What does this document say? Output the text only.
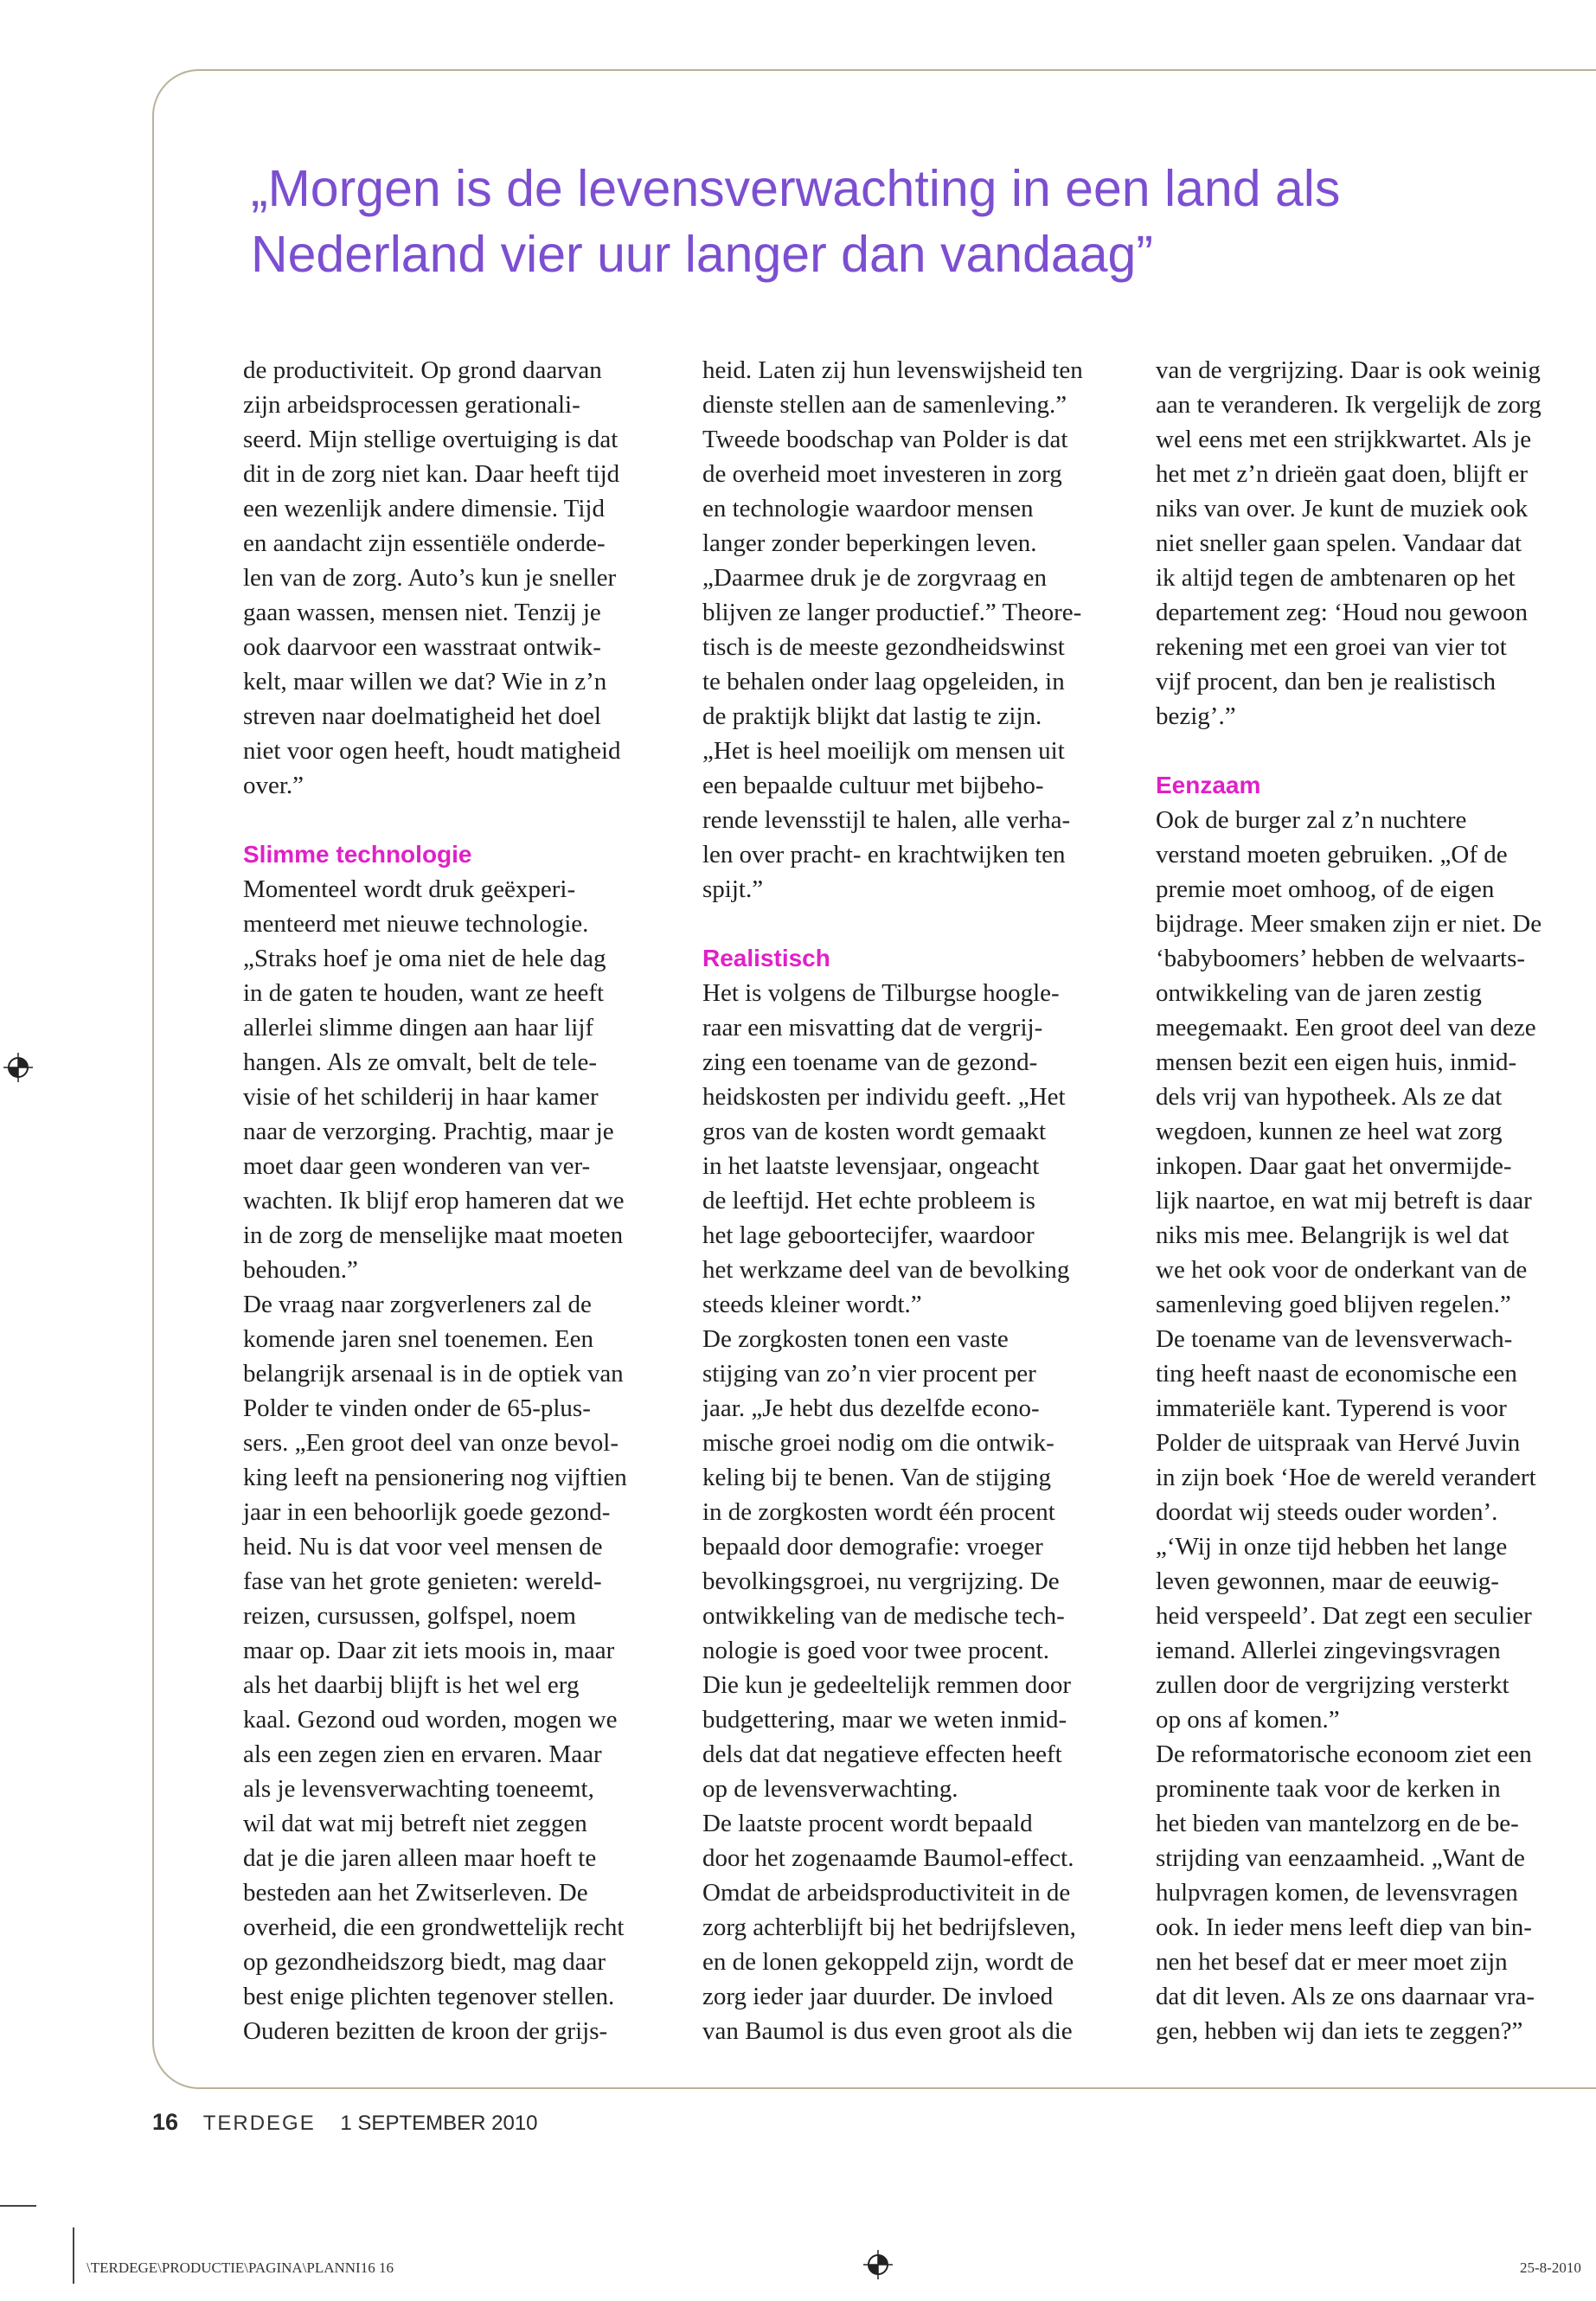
„Morgen is de levensverwachting in een land als
Nederland vier uur langer dan vandaag”
de productiviteit. Op grond daarvan
zijn arbeidsprocessen gerationali-
seerd. Mijn stellige overtuiging is dat
dit in de zorg niet kan. Daar heeft tijd
een wezenlijk andere dimensie. Tijd
en aandacht zijn essentiële onderde-
len van de zorg. Auto’s kun je sneller
gaan wassen, mensen niet. Tenzij je
ook daarvoor een wasstraat ontwik-
kelt, maar willen we dat? Wie in z’n
streven naar doelmatigheid het doel
niet voor ogen heeft, houdt matigheid
over.”
Slimme technologie
Momenteel wordt druk geëxperi-
menteerd met nieuwe technologie.
„Straks hoef je oma niet de hele dag
in de gaten te houden, want ze heeft
allerlei slimme dingen aan haar lijf
hangen. Als ze omvalt, belt de tele-
visie of het schilderij in haar kamer
naar de verzorging. Prachtig, maar je
moet daar geen wonderen van ver-
wachten. Ik blijf erop hameren dat we
in de zorg de menselijke maat moeten
behouden.”
De vraag naar zorgverleners zal de
komende jaren snel toenemen. Een
belangrijk arsenaal is in de optiek van
Polder te vinden onder de 65-plus-
sers. „Een groot deel van onze bevol-
king leeft na pensionering nog vijftien
jaar in een behoorlijk goede gezond-
heid. Nu is dat voor veel mensen de
fase van het grote genieten: wereld-
reizen, cursussen, golfspel, noem
maar op. Daar zit iets moois in, maar
als het daarbij blijft is het wel erg
kaal. Gezond oud worden, mogen we
als een zegen zien en ervaren. Maar
als je levensverwachting toeneemt,
wil dat wat mij betreft niet zeggen
dat je die jaren alleen maar hoeft te
besteden aan het Zwitserleven. De
overheid, die een grondwettelijk recht
op gezondheidszorg biedt, mag daar
best enige plichten tegenover stellen.
Ouderen bezitten de kroon der grijs-
heid. Laten zij hun levenswijsheid ten
dienste stellen aan de samenleving.”
Tweede boodschap van Polder is dat
de overheid moet investeren in zorg
en technologie waardoor mensen
langer zonder beperkingen leven.
„Daarmee druk je de zorgvraag en
blijven ze langer productief.” Theore-
tisch is de meeste gezondheidswinst
te behalen onder laag opgeleiden, in
de praktijk blijkt dat lastig te zijn.
„Het is heel moeilijk om mensen uit
een bepaalde cultuur met bijbeho-
rende levensstijl te halen, alle verha-
len over pracht- en krachtwijken ten
spijt.”
Realistisch
Het is volgens de Tilburgse hoogle-
raar een misvatting dat de vergrij-
zing een toename van de gezond-
heidskosten per individu geeft. „Het
gros van de kosten wordt gemaakt
in het laatste levensjaar, ongeacht
de leeftijd. Het echte probleem is
het lage geboortecijfer, waardoor
het werkzame deel van de bevolking
steeds kleiner wordt.”
De zorgkosten tonen een vaste
stijging van zo’n vier procent per
jaar. „Je hebt dus dezelfde econo-
mische groei nodig om die ontwik-
keling bij te benen. Van de stijging
in de zorgkosten wordt één procent
bepaald door demografie: vroeger
bevolkingsgroei, nu vergrijzing. De
ontwikkeling van de medische tech-
nologie is goed voor twee procent.
Die kun je gedeeltelijk remmen door
budgettering, maar we weten inmid-
dels dat dat negatieve effecten heeft
op de levensverwachting.
De laatste procent wordt bepaald
door het zogenaamde Baumol-effect.
Omdat de arbeidsproductiviteit in de
zorg achterblijft bij het bedrijfsleven,
en de lonen gekoppeld zijn, wordt de
zorg ieder jaar duurder. De invloed
van Baumol is dus even groot als die
van de vergrijzing. Daar is ook weinig
aan te veranderen. Ik vergelijk de zorg
wel eens met een strijkkwartet. Als je
het met z’n drieën gaat doen, blijft er
niks van over. Je kunt de muziek ook
niet sneller gaan spelen. Vandaar dat
ik altijd tegen de ambtenaren op het
departement zeg: ‘Houd nou gewoon
rekening met een groei van vier tot
vijf procent, dan ben je realistisch
bezig’.”
Eenzaam
Ook de burger zal z’n nuchtere
verstand moeten gebruiken. „Of de
premie moet omhoog, of de eigen
bijdrage. Meer smaken zijn er niet. De
‘babyboomers’ hebben de welvaarts-
ontwikkeling van de jaren zestig
meegemaakt. Een groot deel van deze
mensen bezit een eigen huis, inmid-
dels vrij van hypotheek. Als ze dat
wegdoen, kunnen ze heel wat zorg
inkopen. Daar gaat het onvermijde-
lijk naartoe, en wat mij betreft is daar
niks mis mee. Belangrijk is wel dat
we het ook voor de onderkant van de
samenleving goed blijven regelen.”
De toename van de levensverwach-
ting heeft naast de economische een
immateriële kant. Typerend is voor
Polder de uitspraak van Hervé Juvin
in zijn boek ‘Hoe de wereld verandert
doordat wij steeds ouder worden’.
„‘Wij in onze tijd hebben het lange
leven gewonnen, maar de eeuwig-
heid verspeeld’. Dat zegt een seculier
iemand. Allerlei zingevingsvragen
zullen door de vergrijzing versterkt
op ons af komen.”
De reformatorische econoom ziet een
prominente taak voor de kerken in
het bieden van mantelzorg en de be-
strijding van eenzaamheid. „Want de
hulpvragen komen, de levensvragen
ook. In ieder mens leeft diep van bin-
nen het besef dat er meer moet zijn
dat dit leven. Als ze ons daarnaar vra-
gen, hebben wij dan iets te zeggen?”
16 TERDEGE 1 SEPTEMBER 2010
\TERDEGE\PRODUCTIE\PAGINA\PLANNI16 16	25-8-2010
